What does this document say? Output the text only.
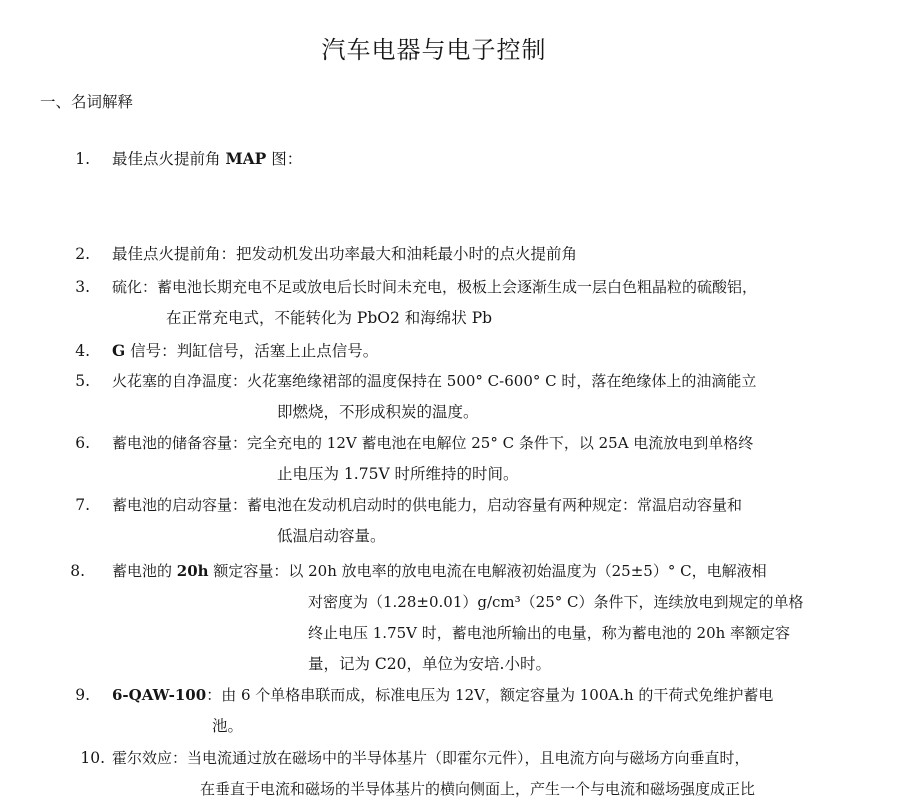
汽车电器与电子控制
一、名词解释
1. 最佳点火提前角 MAP 图：
2. 最佳点火提前角：把发动机发出功率最大和油耗最小时的点火提前角
3. 硫化：蓄电池长期充电不足或放电后长时间未充电，极板上会逐渐生成一层白色粗晶粒的硫酸铝，
在正常充电式，不能转化为 PbO2 和海绵状 Pb
4. G 信号：判缸信号，活塞上止点信号。
5. 火花塞的自净温度：火花塞绝缘裙部的温度保持在 500° C-600° C 时，落在绝缘体上的油滴能立
即燃烧，不形成积炭的温度。
6. 蓄电池的储备容量：完全充电的 12V 蓄电池在电解位 25° C 条件下，以 25A 电流放电到单格终
止电压为 1.75V 时所维持的时间。
7. 蓄电池的启动容量：蓄电池在发动机启动时的供电能力，启动容量有两种规定：常温启动容量和
低温启动容量。
8. 蓄电池的 20h 额定容量：以 20h 放电率的放电电流在电解液初始温度为（25±5）° C，电解液相
对密度为（1.28±0.01）g/cm³（25° C）条件下，连续放电到规定的单格
终止电压 1.75V 时，蓄电池所输出的电量，称为蓄电池的 20h 率额定容
量，记为 C20，单位为安培.小时。
9. 6-QAW-100：由 6 个单格串联而成，标准电压为 12V，额定容量为 100A.h 的干荷式免维护蓄电
池。
10. 霍尔效应：当电流通过放在磁场中的半导体基片（即霍尔元件），且电流方向与磁场方向垂直时，
在垂直于电流和磁场的半导体基片的横向侧面上，产生一个与电流和磁场强度成正比
